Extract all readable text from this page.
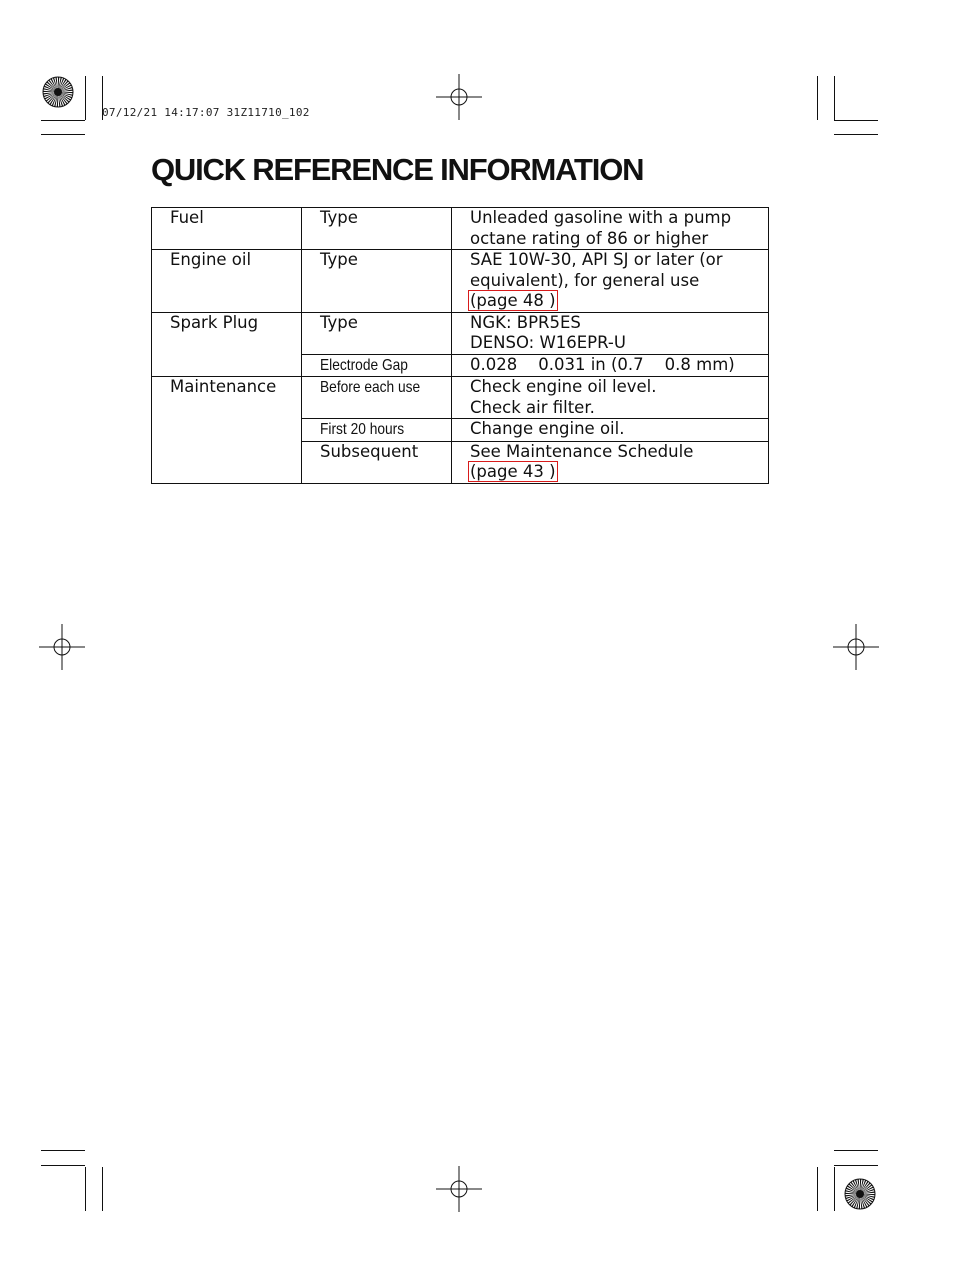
07/12/21 14:17:07 31Z11710_102
QUICK REFERENCE INFORMATION
Fuel	Type	Unleaded gasoline with a pump
octane rating of 86 or higher

Engine oil	Type	SAE 10W-30, API SJ or later (or
equivalent), for general use
(page 48 )

Spark Plug	Type	NGK: BPR5ES
DENSO: W16EPR-U

	Electrode Gap	0.028    0.031 in (0.7    0.8 mm)
Maintenance	Before each use	Check engine oil level.
Check air filter.

	First 20 hours	Change engine oil.
	Subsequent	See Maintenance Schedule
(page 43 )
